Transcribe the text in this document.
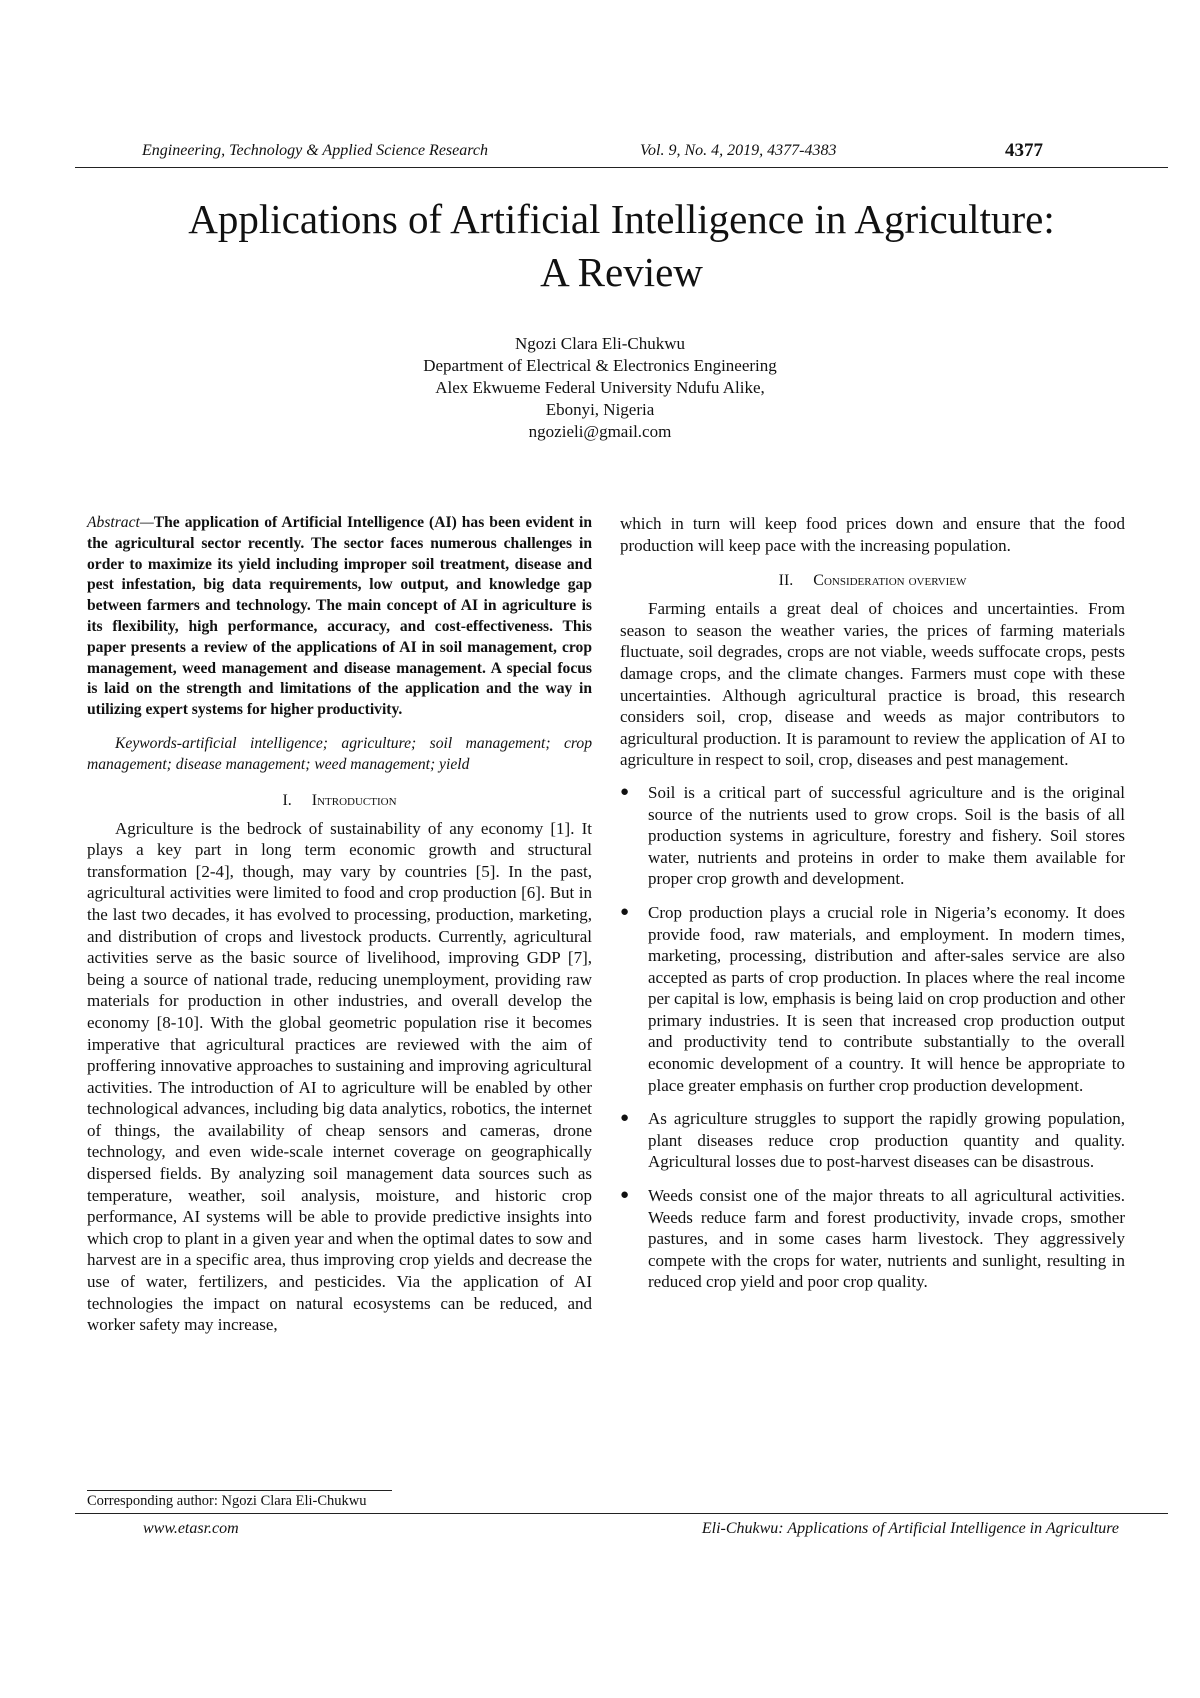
Engineering, Technology & Applied Science Research	Vol. 9, No. 4, 2019, 4377-4383	4377
Applications of Artificial Intelligence in Agriculture:
A Review
Ngozi Clara Eli-Chukwu
Department of Electrical & Electronics Engineering
Alex Ekwueme Federal University Ndufu Alike,
Ebonyi, Nigeria
ngozieli@gmail.com

Abstract—The application of Artificial Intelligence (AI) has been evident in the agricultural sector recently. The sector faces numerous challenges in order to maximize its yield including improper soil treatment, disease and pest infestation, big data requirements, low output, and knowledge gap between farmers and technology. The main concept of AI in agriculture is its flexibility, high performance, accuracy, and cost-effectiveness. This paper presents a review of the applications of AI in soil management, crop management, weed management and disease management. A special focus is laid on the strength and limitations of the application and the way in utilizing expert systems for higher productivity.

Keywords-artificial intelligence; agriculture; soil management; crop management; disease management; weed management; yield

I. Introduction

Agriculture is the bedrock of sustainability of any economy [1]. It plays a key part in long term economic growth and structural transformation [2-4], though, may vary by countries [5]. In the past, agricultural activities were limited to food and crop production [6]. But in the last two decades, it has evolved to processing, production, marketing, and distribution of crops and livestock products. Currently, agricultural activities serve as the basic source of livelihood, improving GDP [7], being a source of national trade, reducing unemployment, providing raw materials for production in other industries, and overall develop the economy [8-10]. With the global geometric population rise it becomes imperative that agricultural practices are reviewed with the aim of proffering innovative approaches to sustaining and improving agricultural activities. The introduction of AI to agriculture will be enabled by other technological advances, including big data analytics, robotics, the internet of things, the availability of cheap sensors and cameras, drone technology, and even wide-scale internet coverage on geographically dispersed fields. By analyzing soil management data sources such as temperature, weather, soil analysis, moisture, and historic crop performance, AI systems will be able to provide predictive insights into which crop to plant in a given year and when the optimal dates to sow and harvest are in a specific area, thus improving crop yields and decrease the use of water, fertilizers, and pesticides. Via the application of AI technologies the impact on natural ecosystems can be reduced, and worker safety may increase,

which in turn will keep food prices down and ensure that the food production will keep pace with the increasing population.

II. Consideration overview

Farming entails a great deal of choices and uncertainties. From season to season the weather varies, the prices of farming materials fluctuate, soil degrades, crops are not viable, weeds suffocate crops, pests damage crops, and the climate changes. Farmers must cope with these uncertainties. Although agricultural practice is broad, this research considers soil, crop, disease and weeds as major contributors to agricultural production. It is paramount to review the application of AI to agriculture in respect to soil, crop, diseases and pest management.

● Soil is a critical part of successful agriculture and is the original source of the nutrients used to grow crops. Soil is the basis of all production systems in agriculture, forestry and fishery. Soil stores water, nutrients and proteins in order to make them available for proper crop growth and development.
● Crop production plays a crucial role in Nigeria’s economy. It does provide food, raw materials, and employment. In modern times, marketing, processing, distribution and after-sales service are also accepted as parts of crop production. In places where the real income per capital is low, emphasis is being laid on crop production and other primary industries. It is seen that increased crop production output and productivity tend to contribute substantially to the overall economic development of a country. It will hence be appropriate to place greater emphasis on further crop production development.
● As agriculture struggles to support the rapidly growing population, plant diseases reduce crop production quantity and quality. Agricultural losses due to post-harvest diseases can be disastrous.
● Weeds consist one of the major threats to all agricultural activities. Weeds reduce farm and forest productivity, invade crops, smother pastures, and in some cases harm livestock. They aggressively compete with the crops for water, nutrients and sunlight, resulting in reduced crop yield and poor crop quality.
Corresponding author: Ngozi Clara Eli-Chukwu
www.etasr.com	Eli-Chukwu: Applications of Artificial Intelligence in Agriculture
